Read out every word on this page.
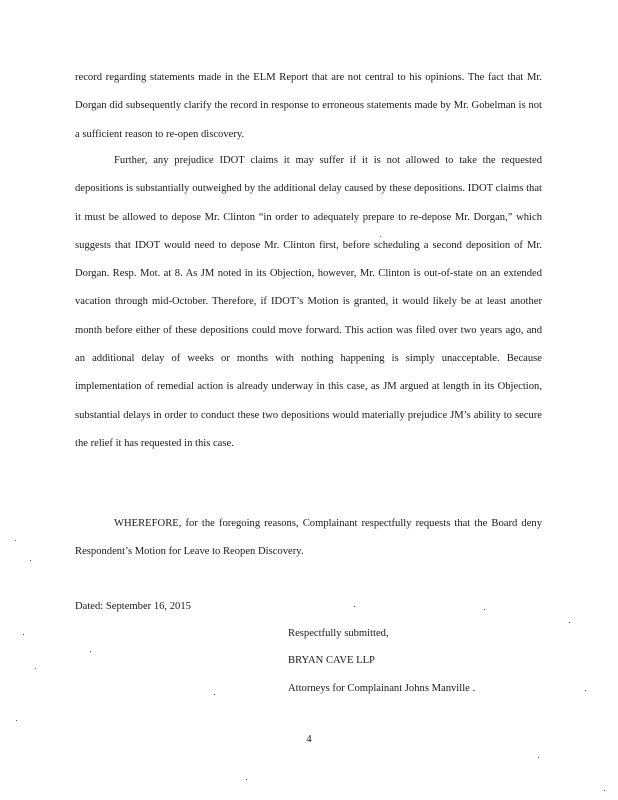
record regarding statements made in the ELM Report that are not central to his opinions. The fact that Mr. Dorgan did subsequently clarify the record in response to erroneous statements made by Mr. Gobelman is not a sufficient reason to re-open discovery.

Further, any prejudice IDOT claims it may suffer if it is not allowed to take the requested depositions is substantially outweighed by the additional delay caused by these depositions. IDOT claims that it must be allowed to depose Mr. Clinton “in order to adequately prepare to re-depose Mr. Dorgan,” which suggests that IDOT would need to depose Mr. Clinton first, before scheduling a second deposition of Mr. Dorgan. Resp. Mot. at 8. As JM noted in its Objection, however, Mr. Clinton is out-of-state on an extended vacation through mid-October. Therefore, if IDOT’s Motion is granted, it would likely be at least another month before either of these depositions could move forward. This action was filed over two years ago, and an additional delay of weeks or months with nothing happening is simply unacceptable. Because implementation of remedial action is already underway in this case, as JM argued at length in its Objection, substantial delays in order to conduct these two depositions would materially prejudice JM’s ability to secure the relief it has requested in this case.

WHEREFORE, for the foregoing reasons, Complainant respectfully requests that the Board deny Respondent’s Motion for Leave to Reopen Discovery.

Dated: September 16, 2015
Respectfully submitted,
BRYAN CAVE LLP
Attorneys for Complainant Johns Manville .
4
